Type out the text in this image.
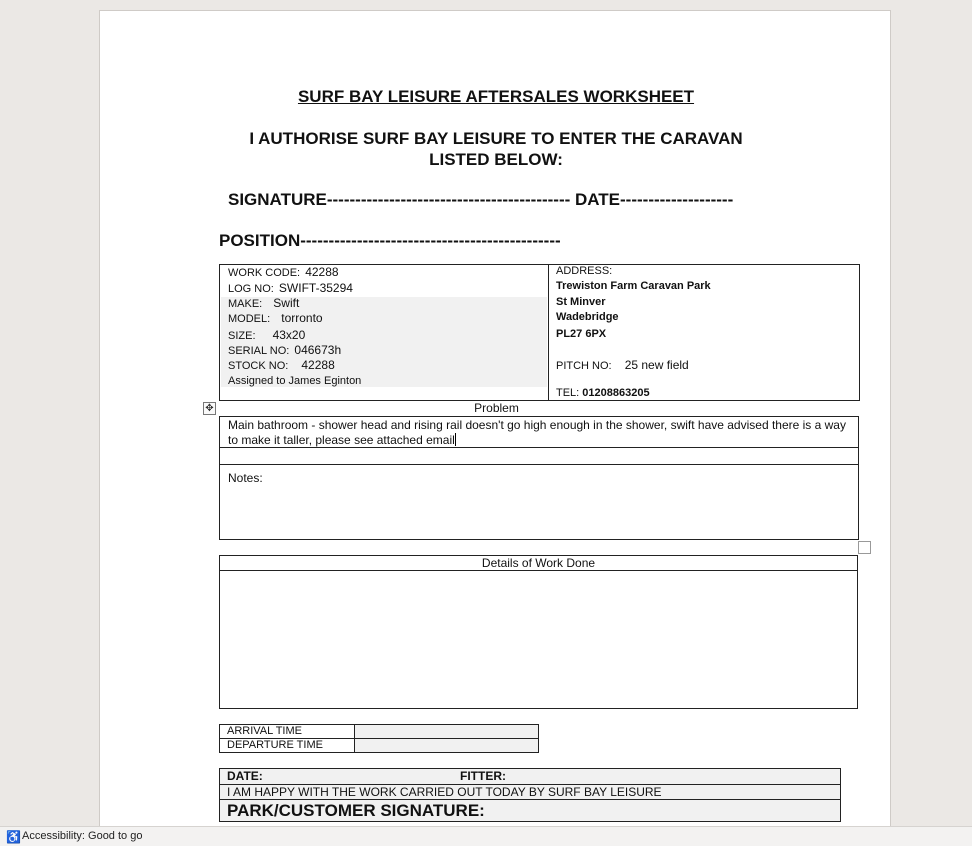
SURF BAY LEISURE AFTERSALES WORKSHEET
I AUTHORISE SURF BAY LEISURE TO ENTER THE CARAVAN
LISTED BELOW:
SIGNATURE------------------------------------------- DATE--------------------
POSITION----------------------------------------------
WORK CODE: 42288
LOG NO: SWIFT-35294
MAKE: Swift
MODEL: torronto
SIZE: 43x20
SERIAL NO: 046673h
STOCK NO: 42288
Assigned to James Eginton
ADDRESS:
Trewiston Farm Caravan Park
St Minver
Wadebridge
PL27 6PX
PITCH NO: 25 new field
TEL: 01208863205
✥	Problem
Main bathroom - shower head and rising rail doesn't go high enough in the shower, swift have advised there is a way to make it taller, please see attached email
Notes:
Details of Work Done
ARRIVAL TIME
DEPARTURE TIME
DATE:	FITTER:
I AM HAPPY WITH THE WORK CARRIED OUT TODAY BY SURF BAY LEISURE
PARK/CUSTOMER SIGNATURE:
♿ Accessibility: Good to go
